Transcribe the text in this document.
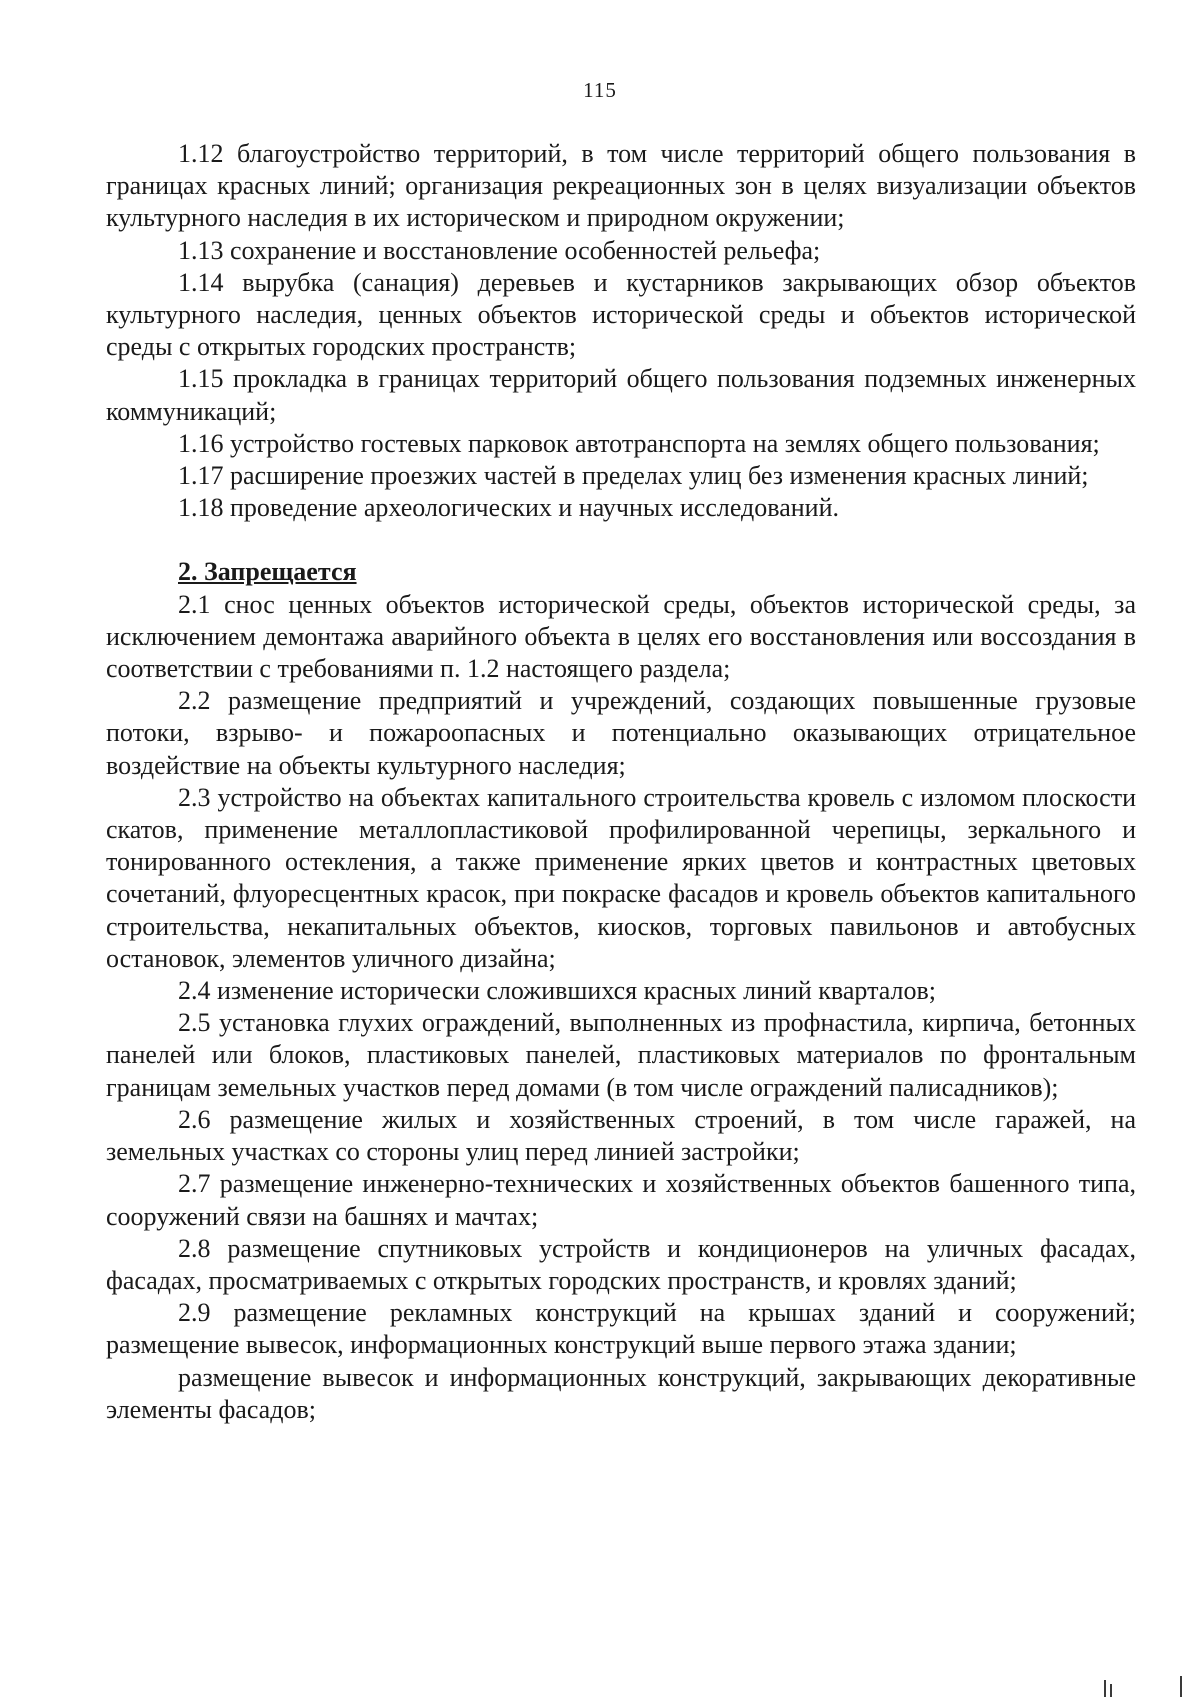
115

1.12 благоустройство территорий, в том числе территорий общего пользования в границах красных линий; организация рекреационных зон в целях визуализации объектов культурного наследия в их историческом и природном окружении;

1.13 сохранение и восстановление особенностей рельефа;

1.14 вырубка (санация) деревьев и кустарников закрывающих обзор объектов культурного наследия, ценных объектов исторической среды и объектов исторической среды с открытых городских пространств;

1.15 прокладка в границах территорий общего пользования подземных инженерных коммуникаций;

1.16 устройство гостевых парковок автотранспорта на землях общего пользования;

1.17 расширение проезжих частей в пределах улиц без изменения красных линий;

1.18 проведение археологических и научных исследований.

2. Запрещается

2.1 снос ценных объектов исторической среды, объектов исторической среды, за исключением демонтажа аварийного объекта в целях его восстановления или воссоздания в соответствии с требованиями п. 1.2 настоящего раздела;

2.2 размещение предприятий и учреждений, создающих повышенные грузовые потоки, взрыво- и пожароопасных и потенциально оказывающих отрицательное воздействие на объекты культурного наследия;

2.3 устройство на объектах капитального строительства кровель с изломом плоскости скатов, применение металлопластиковой профилированной черепицы, зеркального и тонированного остекления, а также применение ярких цветов и контрастных цветовых сочетаний, флуоресцентных красок, при покраске фасадов и кровель объектов капитального строительства, некапитальных объектов, киосков, торговых павильонов и автобусных остановок, элементов уличного дизайна;

2.4 изменение исторически сложившихся красных линий кварталов;

2.5 установка глухих ограждений, выполненных из профнастила, кирпича, бетонных панелей или блоков, пластиковых панелей, пластиковых материалов по фронтальным границам земельных участков перед домами (в том числе ограждений палисадников);

2.6 размещение жилых и хозяйственных строений, в том числе гаражей, на земельных участках со стороны улиц перед линией застройки;

2.7 размещение инженерно-технических и хозяйственных объектов башенного типа, сооружений связи на башнях и мачтах;

2.8 размещение спутниковых устройств и кондиционеров на уличных фасадах, фасадах, просматриваемых с открытых городских пространств, и кровлях зданий;

2.9 размещение рекламных конструкций на крышах зданий и сооружений; размещение вывесок, информационных конструкций выше первого этажа здании;

размещение вывесок и информационных конструкций, закрывающих декоративные элементы фасадов;
